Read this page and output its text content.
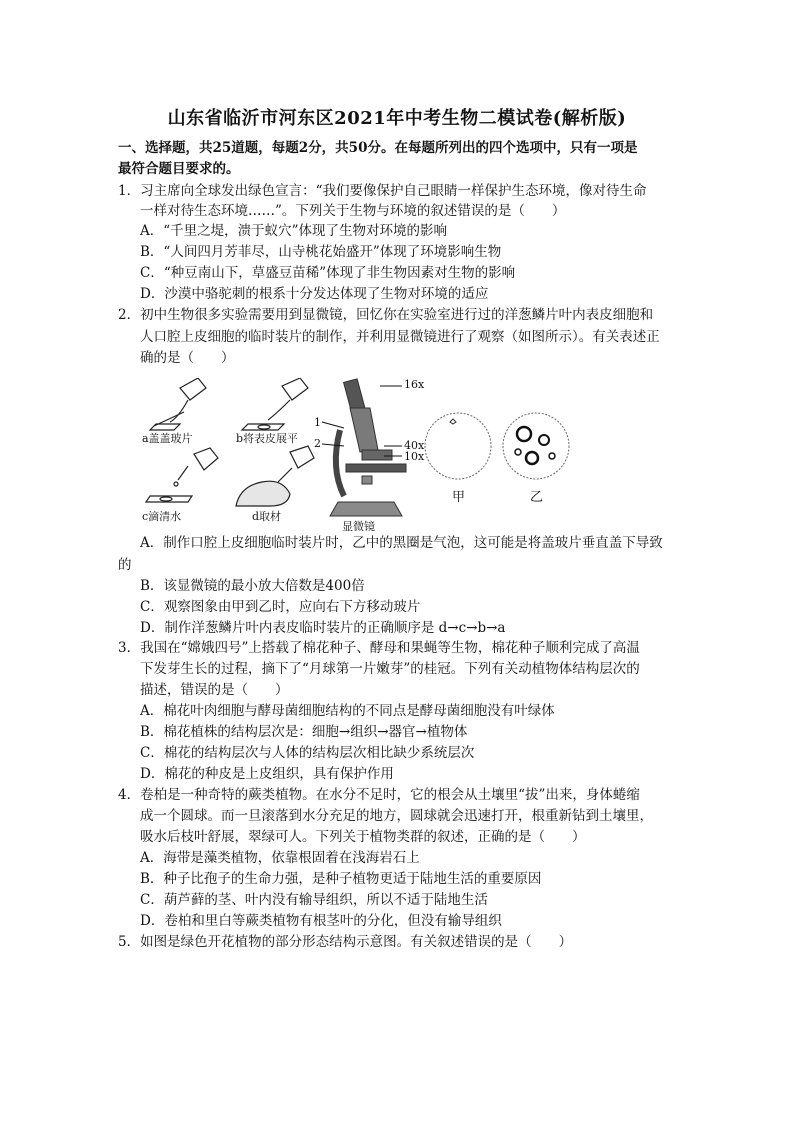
山东省临沂市河东区2021年中考生物二模试卷(解析版)
一、选择题，共25道题，每题2分，共50分。在每题所列出的四个选项中，只有一项是
最符合题目要求的。
1．习主席向全球发出绿色宣言：“我们要像保护自己眼睛一样保护生态环境，像对待生命
一样对待生态环境……”。下列关于生物与环境的叙述错误的是（　　）
A．“千里之堤，溃于蚁穴”体现了生物对环境的影响
B．“人间四月芳菲尽，山寺桃花始盛开”体现了环境影响生物
C．“种豆南山下，草盛豆苗稀”体现了非生物因素对生物的影响
D．沙漠中骆驼刺的根系十分发达体现了生物对环境的适应
2．初中生物很多实验需要用到显微镜，回忆你在实验室进行过的洋葱鳞片叶内表皮细胞和
人口腔上皮细胞的临时装片的制作，并利用显微镜进行了观察（如图所示）。有关表述正
确的是（　　）
a盖盖玻片	b将表皮展平
c滴清水	d取材
显微镜
16x
40x
10x
1
2
甲	乙
A．制作口腔上皮细胞临时装片时，乙中的黑圈是气泡，这可能是将盖玻片垂直盖下导致
的
B．该显微镜的最小放大倍数是400倍
C．观察图象由甲到乙时，应向右下方移动玻片
D．制作洋葱鳞片叶内表皮临时装片的正确顺序是 d→c→b→a
3．我国在“嫦娥四号”上搭载了棉花种子、酵母和果蝇等生物，棉花种子顺利完成了高温
下发芽生长的过程，摘下了“月球第一片嫩芽”的桂冠。下列有关动植物体结构层次的
描述，错误的是（　　）
A．棉花叶肉细胞与酵母菌细胞结构的不同点是酵母菌细胞没有叶绿体
B．棉花植株的结构层次是：细胞→组织→器官→植物体
C．棉花的结构层次与人体的结构层次相比缺少系统层次
D．棉花的种皮是上皮组织，具有保护作用
4．卷柏是一种奇特的蕨类植物。在水分不足时，它的根会从土壤里“拔”出来，身体蜷缩
成一个圆球。而一旦滚落到水分充足的地方，圆球就会迅速打开，根重新钻到土壤里，
吸水后枝叶舒展，翠绿可人。下列关于植物类群的叙述，正确的是（　　）
A．海带是藻类植物，依靠根固着在浅海岩石上
B．种子比孢子的生命力强，是种子植物更适于陆地生活的重要原因
C．葫芦藓的茎、叶内没有输导组织，所以不适于陆地生活
D．卷柏和里白等蕨类植物有根茎叶的分化，但没有输导组织
5．如图是绿色开花植物的部分形态结构示意图。有关叙述错误的是（　　）
